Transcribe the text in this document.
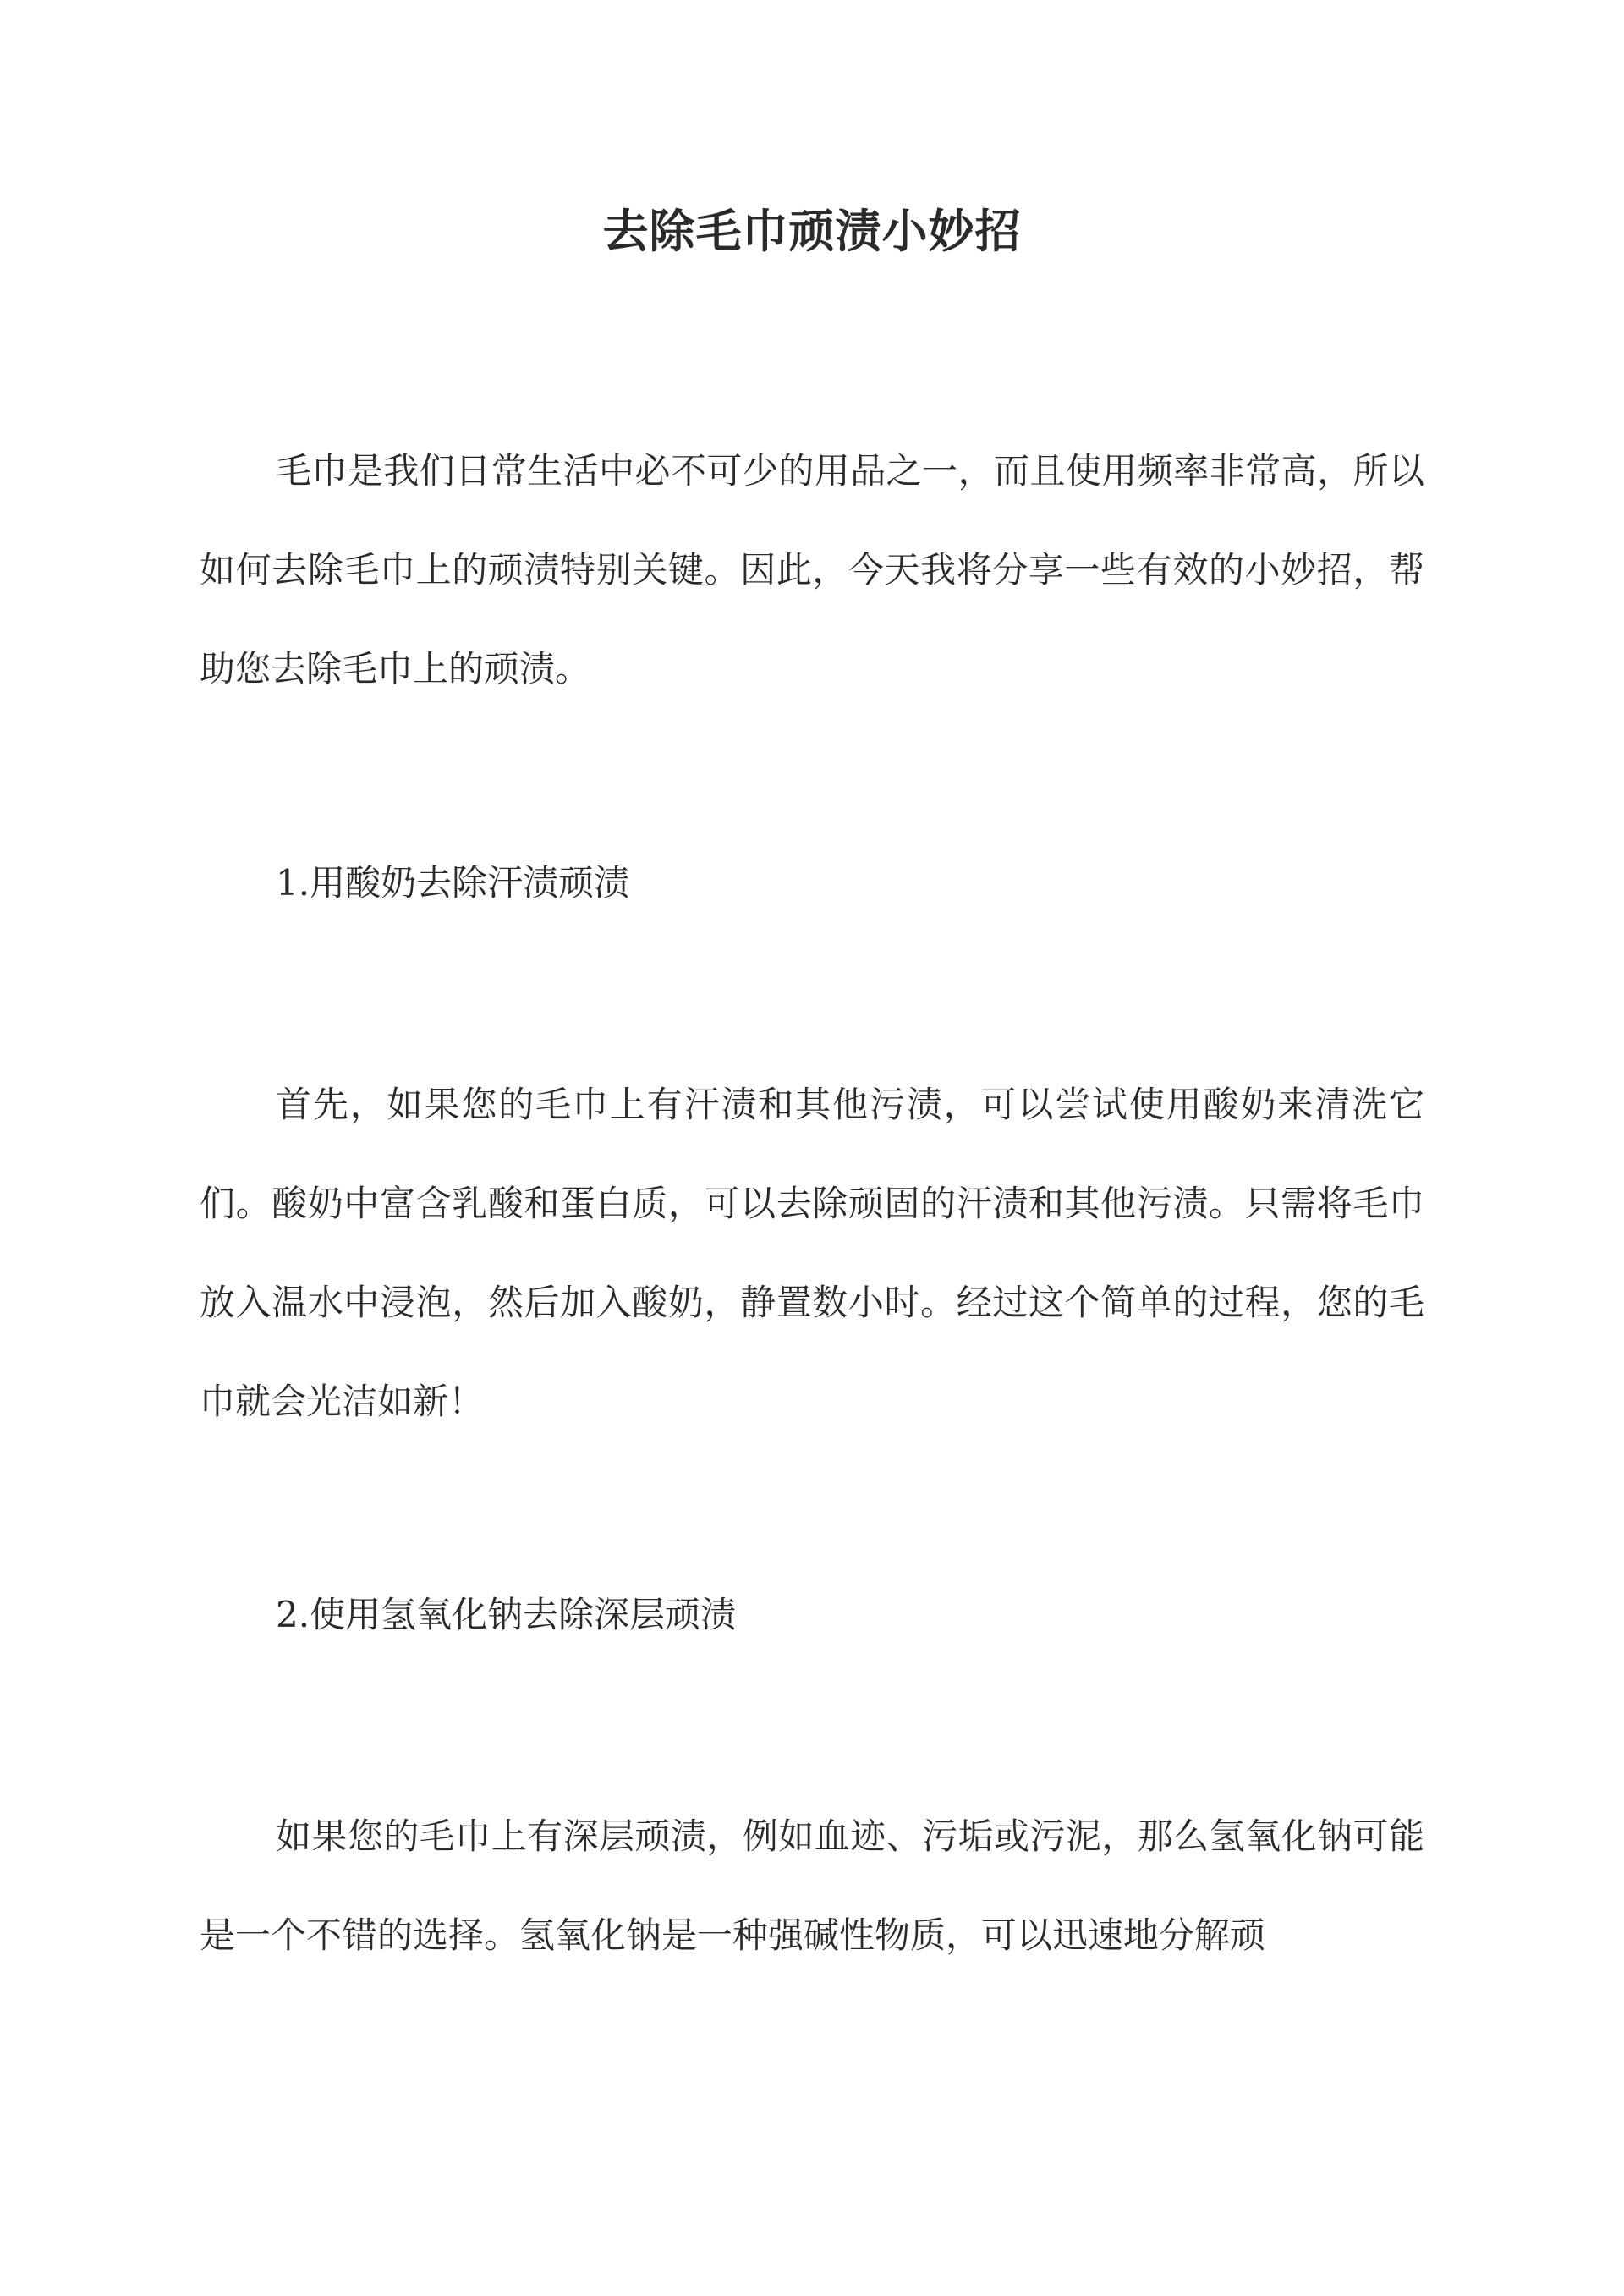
去除毛巾顽渍小妙招

毛巾是我们日常生活中必不可少的用品之一，而且使用频率非常高，所以如何去除毛巾上的顽渍特别关键。因此，今天我将分享一些有效的小妙招，帮助您去除毛巾上的顽渍。

1.用酸奶去除汗渍顽渍

首先，如果您的毛巾上有汗渍和其他污渍，可以尝试使用酸奶来清洗它们。酸奶中富含乳酸和蛋白质，可以去除顽固的汗渍和其他污渍。只需将毛巾放入温水中浸泡，然后加入酸奶，静置数小时。经过这个简单的过程，您的毛巾就会光洁如新！

2.使用氢氧化钠去除深层顽渍

如果您的毛巾上有深层顽渍，例如血迹、污垢或污泥，那么氢氧化钠可能是一个不错的选择。氢氧化钠是一种强碱性物质，可以迅速地分解顽
